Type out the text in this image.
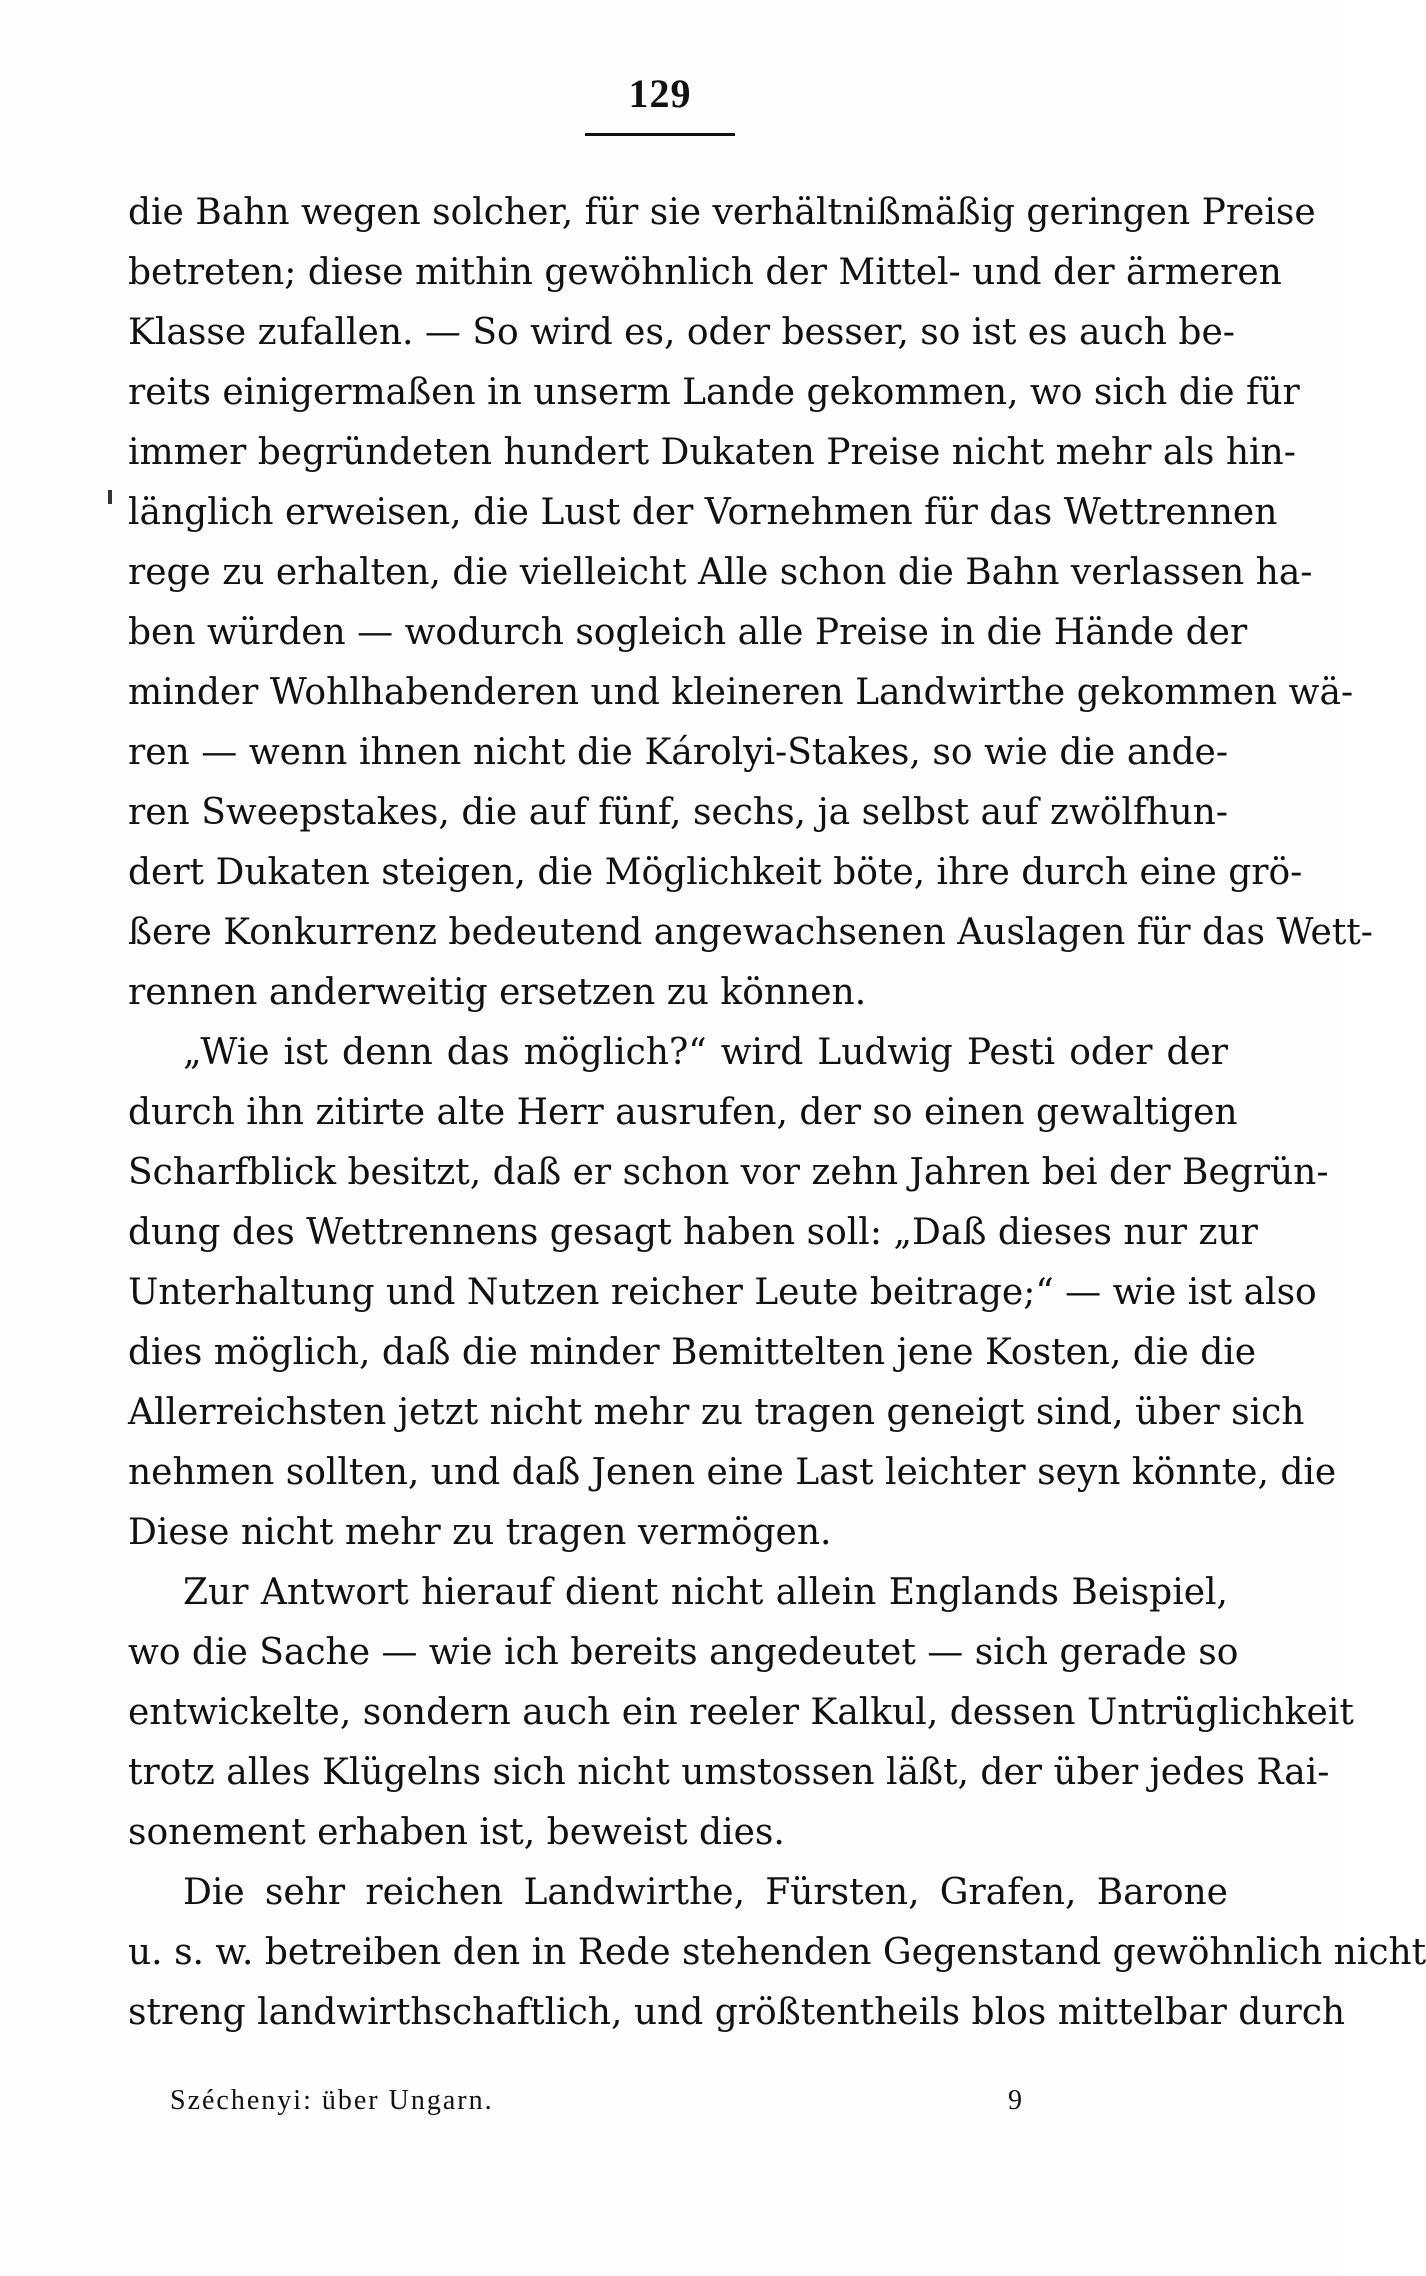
129
die Bahn wegen solcher, für sie verhältnißmäßig geringen Preise
betreten; diese mithin gewöhnlich der Mittel- und der ärmeren
Klasse zufallen. — So wird es, oder besser, so ist es auch be-
reits einigermaßen in unserm Lande gekommen, wo sich die für
immer begründeten hundert Dukaten Preise nicht mehr als hin-
länglich erweisen, die Lust der Vornehmen für das Wettrennen
rege zu erhalten, die vielleicht Alle schon die Bahn verlassen ha-
ben würden — wodurch sogleich alle Preise in die Hände der
minder Wohlhabenderen und kleineren Landwirthe gekommen wä-
ren — wenn ihnen nicht die Károlyi-Stakes, so wie die ande-
ren Sweepstakes, die auf fünf, sechs, ja selbst auf zwölfhun-
dert Dukaten steigen, die Möglichkeit böte, ihre durch eine grö-
ßere Konkurrenz bedeutend angewachsenen Auslagen für das Wett-
rennen anderweitig ersetzen zu können.
„Wie ist denn das möglich?“ wird Ludwig Pesti oder der
durch ihn zitirte alte Herr ausrufen, der so einen gewaltigen
Scharfblick besitzt, daß er schon vor zehn Jahren bei der Begrün-
dung des Wettrennens gesagt haben soll: „Daß dieses nur zur
Unterhaltung und Nutzen reicher Leute beitrage;“ — wie ist also
dies möglich, daß die minder Bemittelten jene Kosten, die die
Allerreichsten jetzt nicht mehr zu tragen geneigt sind, über sich
nehmen sollten, und daß Jenen eine Last leichter seyn könnte, die
Diese nicht mehr zu tragen vermögen.
Zur Antwort hierauf dient nicht allein Englands Beispiel,
wo die Sache — wie ich bereits angedeutet — sich gerade so
entwickelte, sondern auch ein reeler Kalkul, dessen Untrüglichkeit
trotz alles Klügelns sich nicht umstossen läßt, der über jedes Rai-
sonement erhaben ist, beweist dies.
Die sehr reichen Landwirthe, Fürsten, Grafen, Barone
u. s. w. betreiben den in Rede stehenden Gegenstand gewöhnlich nicht
streng landwirthschaftlich, und größtentheils blos mittelbar durch
Széchenyi: über Ungarn.	9
